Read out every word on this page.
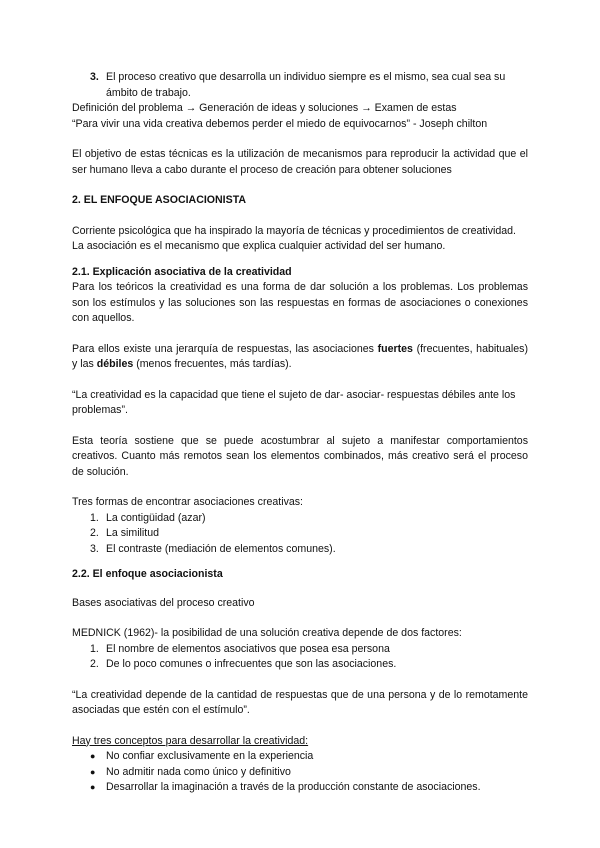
3. El proceso creativo que desarrolla un individuo siempre es el mismo, sea cual sea su ámbito de trabajo.

Definición del problema → Generación de ideas y soluciones → Examen de estas

“Para vivir una vida creativa debemos perder el miedo de equivocarnos” - Joseph chilton

El objetivo de estas técnicas es la utilización de mecanismos para reproducir la actividad que el ser humano lleva a cabo durante el proceso de creación para obtener soluciones

2. EL ENFOQUE ASOCIACIONISTA

Corriente psicológica que ha inspirado la mayoría de técnicas y procedimientos de creatividad. La asociación es el mecanismo que explica cualquier actividad del ser humano.

2.1. Explicación asociativa de la creatividad

Para los teóricos la creatividad es una forma de dar solución a los problemas. Los problemas son los estímulos y las soluciones son las respuestas en formas de asociaciones o conexiones con aquellos.

Para ellos existe una jerarquía de respuestas, las asociaciones fuertes (frecuentes, habituales) y las débiles (menos frecuentes, más tardías).

“La creatividad es la capacidad que tiene el sujeto de dar- asociar- respuestas débiles ante los problemas”.

Esta teoría sostiene que se puede acostumbrar al sujeto a manifestar comportamientos creativos. Cuanto más remotos sean los elementos combinados, más creativo será el proceso de solución.

Tres formas de encontrar asociaciones creativas:

1. La contigüidad (azar)
2. La similitud
3. El contraste (mediación de elementos comunes).

2.2. El enfoque asociacionista

Bases asociativas del proceso creativo

MEDNICK (1962)- la posibilidad de una solución creativa depende de dos factores:

1. El nombre de elementos asociativos que posea esa persona
2. De lo poco comunes o infrecuentes que son las asociaciones.

“La creatividad depende de la cantidad de respuestas que de una persona y de lo remotamente asociadas que estén con el estímulo”.

Hay tres conceptos para desarrollar la creatividad:

● No confiar exclusivamente en la experiencia
● No admitir nada como único y definitivo
● Desarrollar la imaginación a través de la producción constante de asociaciones.
